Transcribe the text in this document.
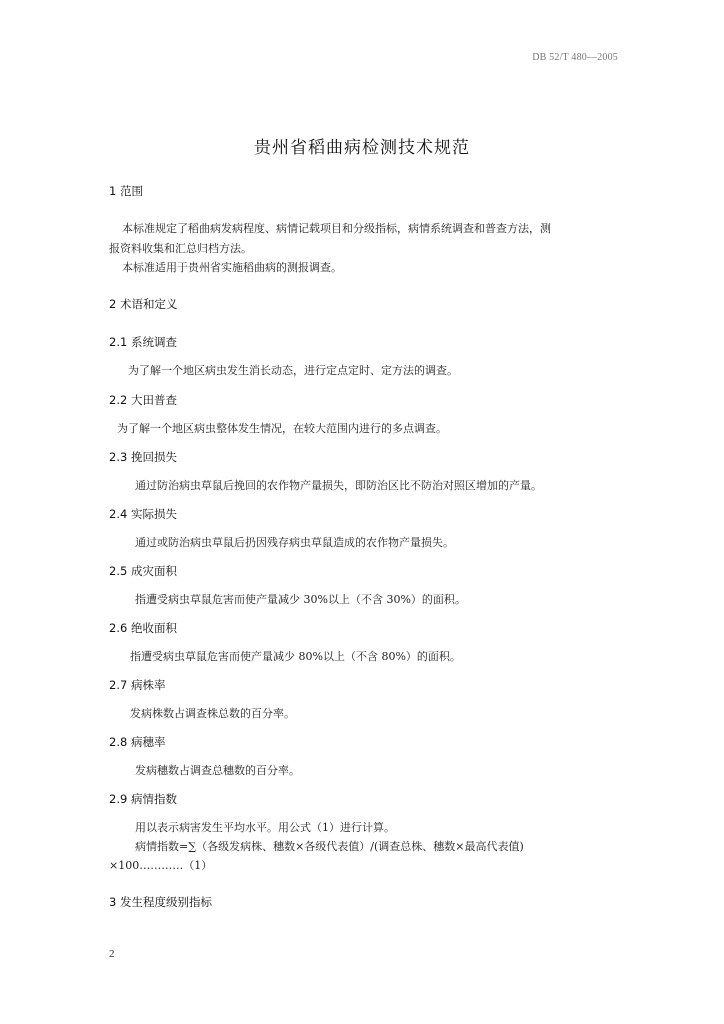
DB 52/T 480—2005
贵州省稻曲病检测技术规范
1 范围
本标准规定了稻曲病发病程度、病情记载项目和分级指标，病情系统调查和普查方法，测
报资料收集和汇总归档方法。
本标准适用于贵州省实施稻曲病的测报调查。
2 术语和定义
2.1 系统调查
为了解一个地区病虫发生消长动态，进行定点定时、定方法的调查。
2.2 大田普查
为了解一个地区病虫整体发生情况，在较大范围内进行的多点调查。
2.3 挽回损失
通过防治病虫草鼠后挽回的农作物产量损失，即防治区比不防治对照区增加的产量。
2.4 实际损失
通过或防治病虫草鼠后扔因残存病虫草鼠造成的农作物产量损失。
2.5 成灾面积
指遭受病虫草鼠危害而使产量减少 30%以上（不含 30%）的面积。
2.6 绝收面积
指遭受病虫草鼠危害而使产量减少 80%以上（不含 80%）的面积。
2.7 病株率
发病株数占调查株总数的百分率。
2.8 病穗率
发病穗数占调查总穗数的百分率。
2.9 病情指数
用以表示病害发生平均水平。用公式（1）进行计算。
病情指数=∑（各级发病株、穗数×各级代表值）/(调查总株、穗数×最高代表值)
×100…………（1）
3 发生程度级别指标
2
